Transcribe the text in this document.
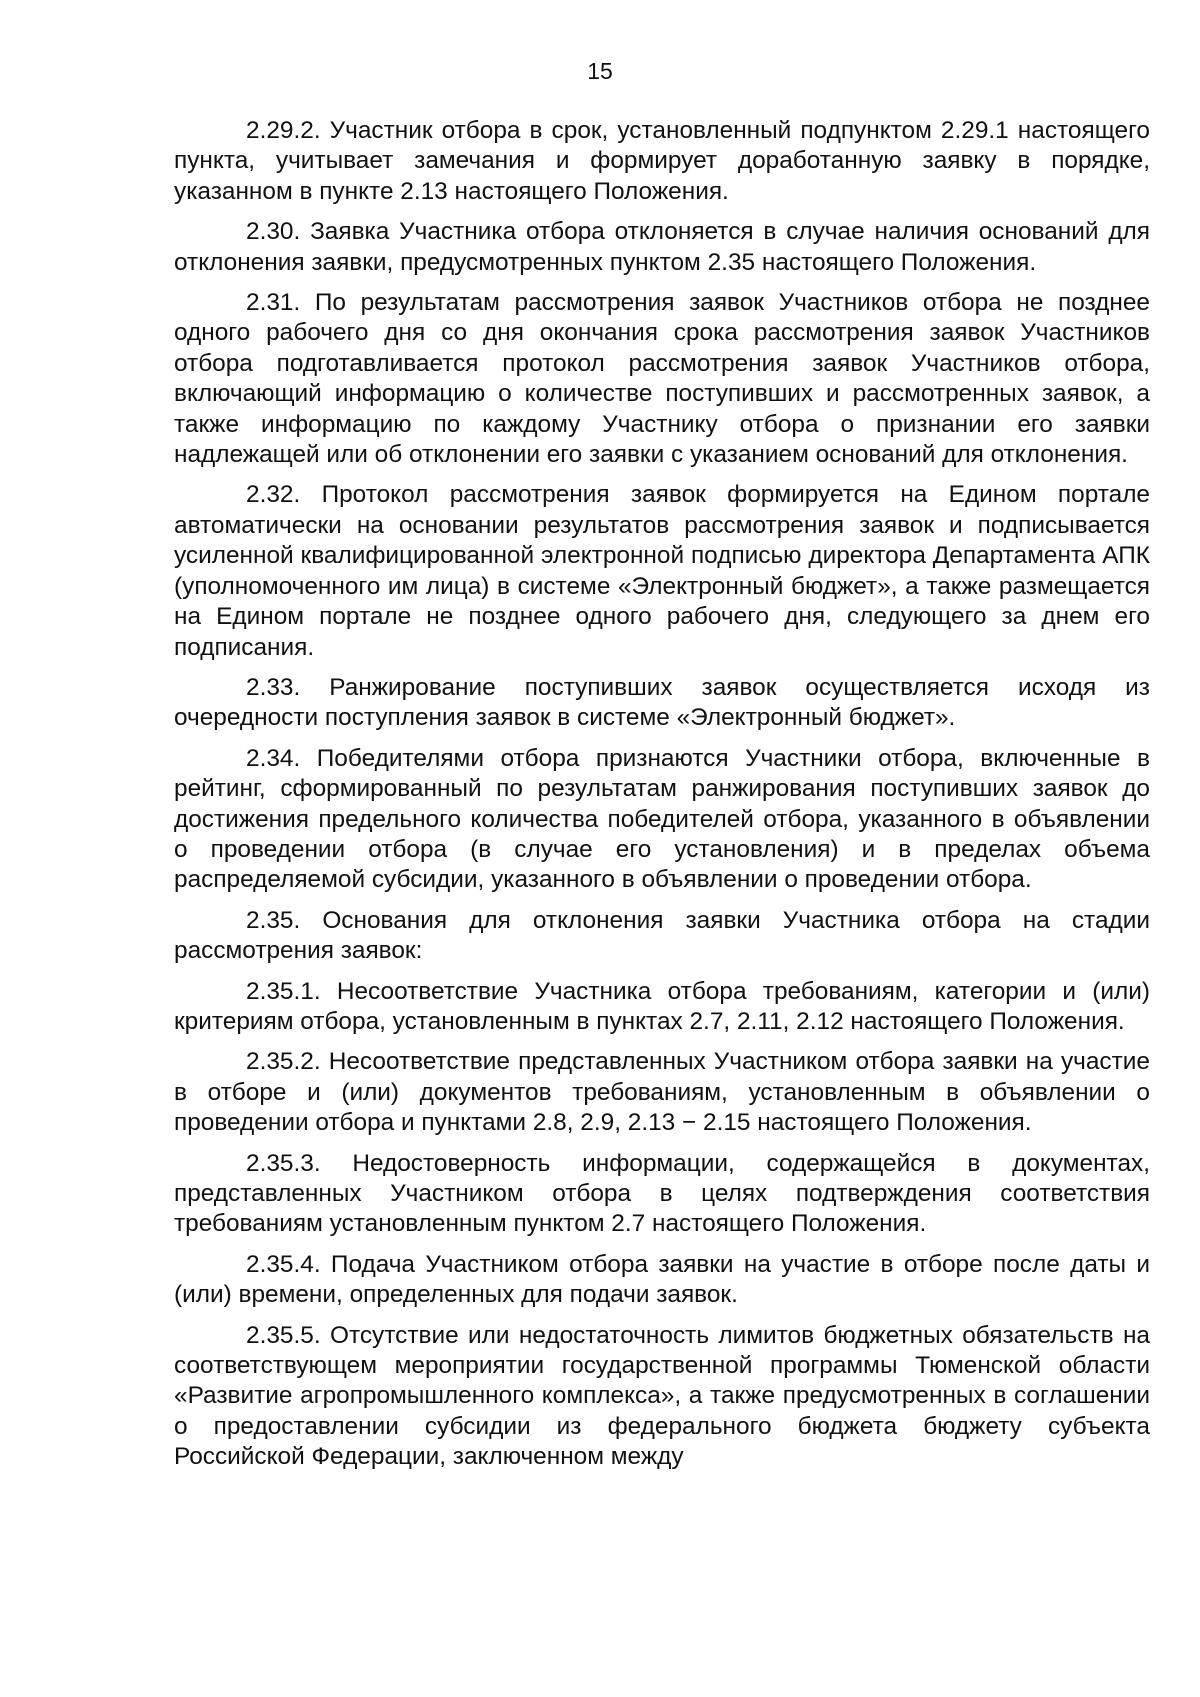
15

2.29.2. Участник отбора в срок, установленный подпунктом 2.29.1 настоящего пункта, учитывает замечания и формирует доработанную заявку в порядке, указанном в пункте 2.13 настоящего Положения.

2.30. Заявка Участника отбора отклоняется в случае наличия оснований для отклонения заявки, предусмотренных пунктом 2.35 настоящего Положения.

2.31. По результатам рассмотрения заявок Участников отбора не позднее одного рабочего дня со дня окончания срока рассмотрения заявок Участников отбора подготавливается протокол рассмотрения заявок Участников отбора, включающий информацию о количестве поступивших и рассмотренных заявок, а также информацию по каждому Участнику отбора о признании его заявки надлежащей или об отклонении его заявки с указанием оснований для отклонения.

2.32. Протокол рассмотрения заявок формируется на Едином портале автоматически на основании результатов рассмотрения заявок и подписывается усиленной квалифицированной электронной подписью директора Департамента АПК (уполномоченного им лица) в системе «Электронный бюджет», а также размещается на Едином портале не позднее одного рабочего дня, следующего за днем его подписания.

2.33. Ранжирование поступивших заявок осуществляется исходя из очередности поступления заявок в системе «Электронный бюджет».

2.34. Победителями отбора признаются Участники отбора, включенные в рейтинг, сформированный по результатам ранжирования поступивших заявок до достижения предельного количества победителей отбора, указанного в объявлении о проведении отбора (в случае его установления) и в пределах объема распределяемой субсидии, указанного в объявлении о проведении отбора.

2.35. Основания для отклонения заявки Участника отбора на стадии рассмотрения заявок:

2.35.1. Несоответствие Участника отбора требованиям, категории и (или) критериям отбора, установленным в пунктах 2.7, 2.11, 2.12 настоящего Положения.

2.35.2. Несоответствие представленных Участником отбора заявки на участие в отборе и (или) документов требованиям, установленным в объявлении о проведении отбора и пунктами 2.8, 2.9, 2.13 − 2.15 настоящего Положения.

2.35.3. Недостоверность информации, содержащейся в документах, представленных Участником отбора в целях подтверждения соответствия требованиям установленным пунктом 2.7 настоящего Положения.

2.35.4. Подача Участником отбора заявки на участие в отборе после даты и (или) времени, определенных для подачи заявок.

2.35.5. Отсутствие или недостаточность лимитов бюджетных обязательств на соответствующем мероприятии государственной программы Тюменской области «Развитие агропромышленного комплекса», а также предусмотренных в соглашении о предоставлении субсидии из федерального бюджета бюджету субъекта Российской Федерации, заключенном между
